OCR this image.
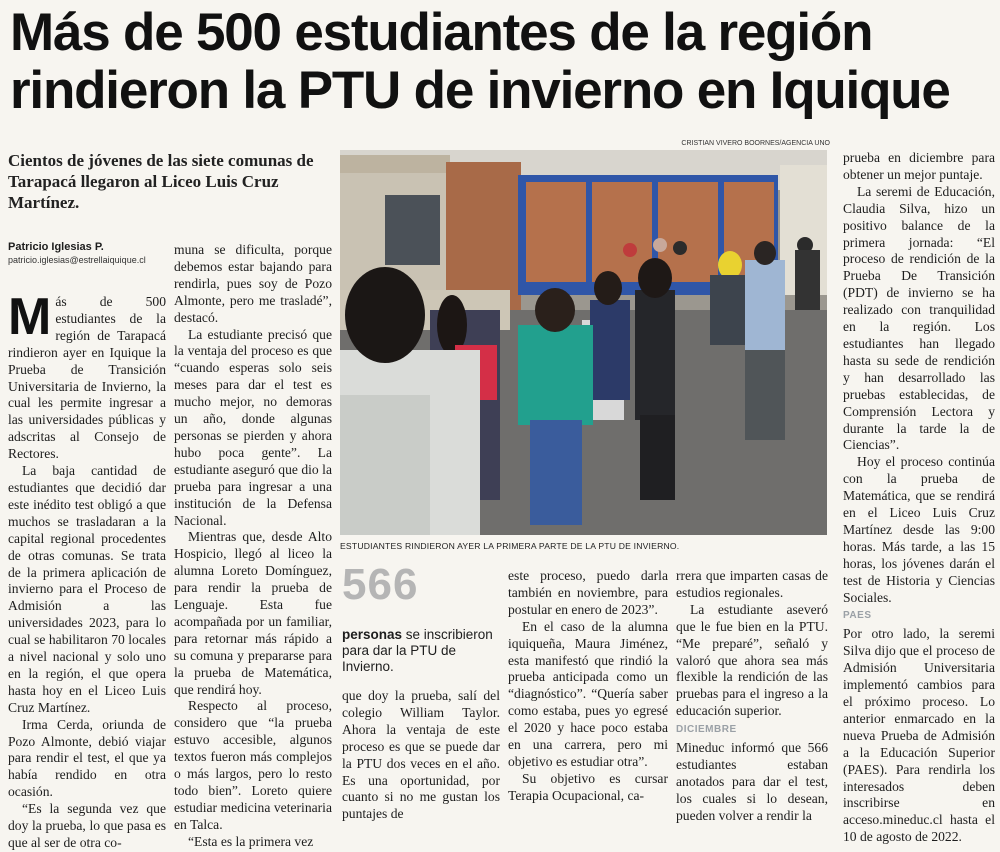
Más de 500 estudiantes de la región
rindieron la PTU de invierno en Iquique
CRISTIAN VIVERO BOORNES/AGENCIA UNO
Cientos de jóvenes de las siete comunas de Tarapacá llegaron al Liceo Luis Cruz Martínez.
Patricio Iglesias P.
patricio.iglesias@estrellaiquique.cl

Más de 500 estudiantes de la región de Tarapacá rindieron ayer en Iquique la Prueba de Transición Universitaria de Invierno, la cual les permite ingresar a las universidades públicas y adscritas al Consejo de Rectores.

La baja cantidad de estudiantes que decidió dar este inédito test obligó a que muchos se trasladaran a la capital regional procedentes de otras comunas. Se trata de la primera aplicación de invierno para el Proceso de Admisión a las universidades 2023, para lo cual se habilitaron 70 locales a nivel nacional y solo uno en la región, el que opera hasta hoy en el Liceo Luis Cruz Martínez.

Irma Cerda, oriunda de Pozo Almonte, debió viajar para rendir el test, el que ya había rendido en otra ocasión.

“Es la segunda vez que doy la prueba, lo que pasa es que al ser de otra co-

muna se dificulta, porque debemos estar bajando para rendirla, pues soy de Pozo Almonte, pero me trasladé”, destacó.

La estudiante precisó que la ventaja del proceso es que “cuando esperas solo seis meses para dar el test es mucho mejor, no demoras un año, donde algunas personas se pierden y ahora hubo poca gente”. La estudiante aseguró que dio la prueba para ingresar a una institución de la Defensa Nacional.

Mientras que, desde Alto Hospicio, llegó al liceo la alumna Loreto Domínguez, para rendir la prueba de Lenguaje. Esta fue acompañada por un familiar, para retornar más rápido a su comuna y prepararse para la prueba de Matemática, que rendirá hoy.

Respecto al proceso, considero que “la prueba estuvo accesible, algunos textos fueron más complejos o más largos, pero lo resto todo bien”. Loreto quiere estudiar medicina veterinaria en Talca.

“Esta es la primera vez

ESTUDIANTES RINDIERON AYER LA PRIMERA PARTE DE LA PTU DE INVIERNO.
566
personas se inscribieron para dar la PTU de Invierno.

que doy la prueba, salí del colegio William Taylor. Ahora la ventaja de este proceso es que se puede dar la PTU dos veces en el año. Es una oportunidad, por cuanto si no me gustan los puntajes de

este proceso, puedo darla también en noviembre, para postular en enero de 2023”.

En el caso de la alumna iquiqueña, Maura Jiménez, esta manifestó que rindió la prueba anticipada como un “diagnóstico”. “Quería saber como estaba, pues yo egresé el 2020 y hace poco estaba en una carrera, pero mi objetivo es estudiar otra”.

Su objetivo es cursar Terapia Ocupacional, ca-

rrera que imparten casas de estudios regionales.

La estudiante aseveró que le fue bien en la PTU. “Me preparé”, señaló y valoró que ahora sea más flexible la rendición de las pruebas para el ingreso a la educación superior.

DICIEMBRE

Mineduc informó que 566 estudiantes estaban anotados para dar el test, los cuales si lo desean, pueden volver a rendir la

prueba en diciembre para obtener un mejor puntaje.

La seremi de Educación, Claudia Silva, hizo un positivo balance de la primera jornada: “El proceso de rendición de la Prueba De Transición (PDT) de invierno se ha realizado con tranquilidad en la región. Los estudiantes han llegado hasta su sede de rendición y han desarrollado las pruebas establecidas, de Comprensión Lectora y durante la tarde la de Ciencias”.

Hoy el proceso continúa con la prueba de Matemática, que se rendirá en el Liceo Luis Cruz Martínez desde las 9:00 horas. Más tarde, a las 15 horas, los jóvenes darán el test de Historia y Ciencias Sociales.

PAES

Por otro lado, la seremi Silva dijo que el proceso de Admisión Universitaria implementó cambios para el próximo proceso. Lo anterior enmarcado en la nueva Prueba de Admisión a la Educación Superior (PAES). Para rendirla los interesados deben inscribirse en acceso.mineduc.cl hasta el 10 de agosto de 2022.
